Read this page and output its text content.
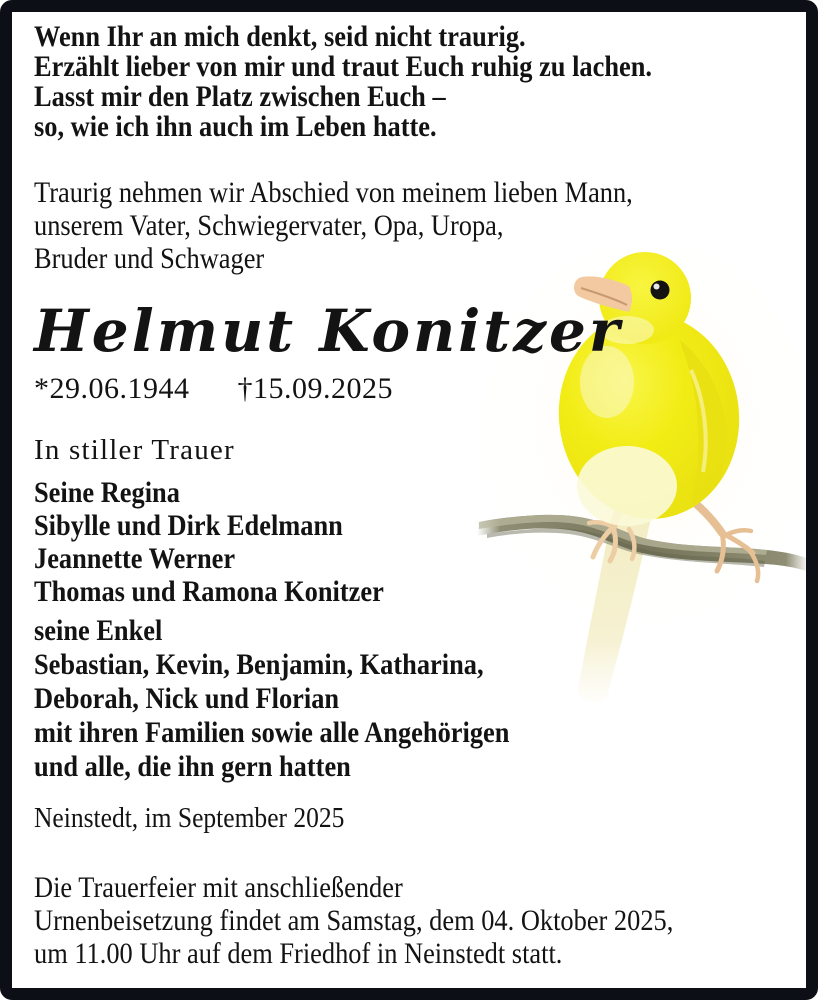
Wenn Ihr an mich denkt, seid nicht traurig.
Erzählt lieber von mir und traut Euch ruhig zu lachen.
Lasst mir den Platz zwischen Euch –
so, wie ich ihn auch im Leben hatte.
Traurig nehmen wir Abschied von meinem lieben Mann,
unserem Vater, Schwiegervater, Opa, Uropa,
Bruder und Schwager
Helmut Konitzer
*29.06.1944 †15.09.2025
In stiller Trauer
Seine Regina
Sibylle und Dirk Edelmann
Jeannette Werner
Thomas und Ramona Konitzer
seine Enkel
Sebastian, Kevin, Benjamin, Katharina,
Deborah, Nick und Florian
mit ihren Familien sowie alle Angehörigen
und alle, die ihn gern hatten
Neinstedt, im September 2025
Die Trauerfeier mit anschließender
Urnenbeisetzung findet am Samstag, dem 04. Oktober 2025,
um 11.00 Uhr auf dem Friedhof in Neinstedt statt.
